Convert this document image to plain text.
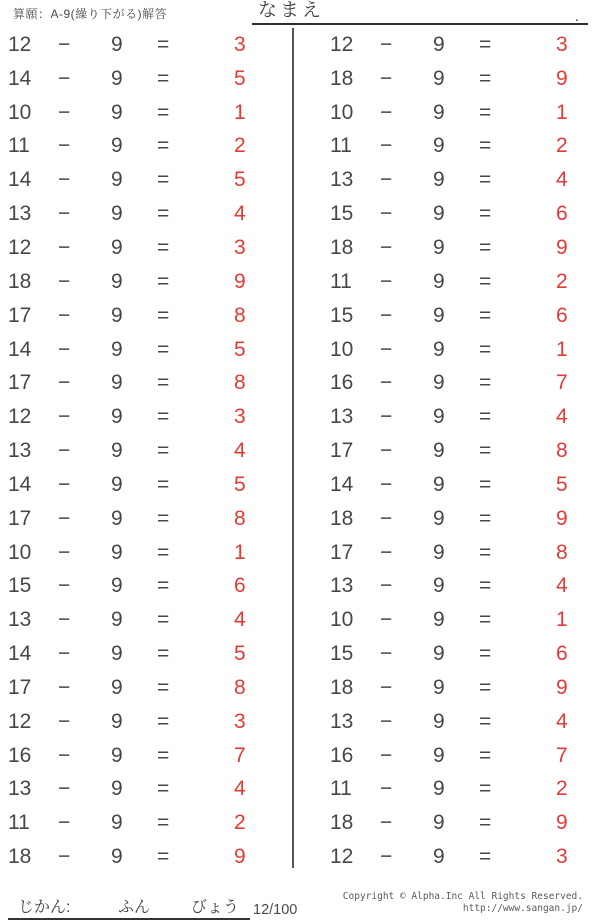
算願：A-9(繰り下がる)解答	なまえ	.
12 − 9 =	3
14 − 9 =	5
10 − 9 =	1
11 − 9 =	2
14 − 9 =	5
13 − 9 =	4
12 − 9 =	3
18 − 9 =	9
17 − 9 =	8
14 − 9 =	5
17 − 9 =	8
12 − 9 =	3
13 − 9 =	4
14 − 9 =	5
17 − 9 =	8
10 − 9 =	1
15 − 9 =	6
13 − 9 =	4
14 − 9 =	5
17 − 9 =	8
12 − 9 =	3
16 − 9 =	7
13 − 9 =	4
11 − 9 =	2
18 − 9 =	9
12 − 9 =	3
18 − 9 =	9
10 − 9 =	1
11 − 9 =	2
13 − 9 =	4
15 − 9 =	6
18 − 9 =	9
11 − 9 =	2
15 − 9 =	6
10 − 9 =	1
16 − 9 =	7
13 − 9 =	4
17 − 9 =	8
14 − 9 =	5
18 − 9 =	9
17 − 9 =	8
13 − 9 =	4
10 − 9 =	1
15 − 9 =	6
18 − 9 =	9
13 − 9 =	4
16 − 9 =	7
11 − 9 =	2
18 − 9 =	9
12 − 9 =	3
じかん:	ふん	びょう 12/100
Copyright © Alpha.Inc All Rights Reserved.
http://www.sangan.jp/
